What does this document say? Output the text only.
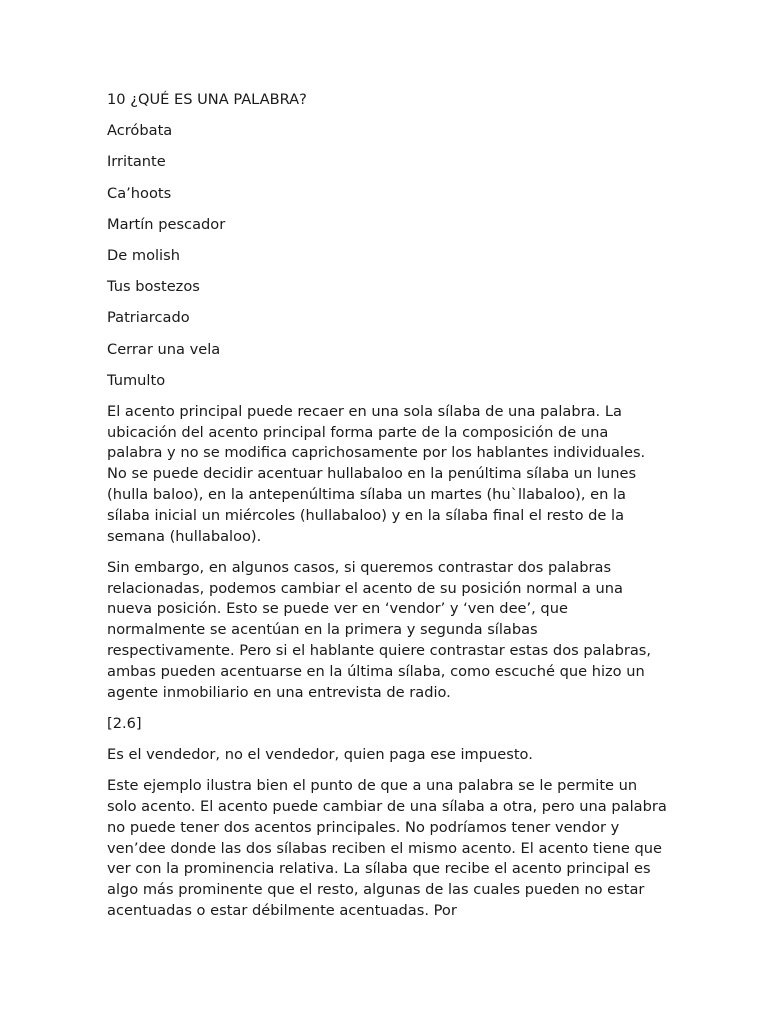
10 ¿QUÉ ES UNA PALABRA?
Acróbata
Irritante
Ca’hoots
Martín pescador
De molish
Tus bostezos
Patriarcado
Cerrar una vela
Tumulto

El acento principal puede recaer en una sola sílaba de una palabra. La ubicación del acento principal forma parte de la composición de una palabra y no se modifica caprichosamente por los hablantes individuales. No se puede decidir acentuar hullabaloo en la penúltima sílaba un lunes (hulla baloo), en la antepenúltima sílaba un martes (hu`llabaloo), en la sílaba inicial un miércoles (hullabaloo) y en la sílaba final el resto de la semana (hullabaloo).

Sin embargo, en algunos casos, si queremos contrastar dos palabras relacionadas, podemos cambiar el acento de su posición normal a una nueva posición. Esto se puede ver en ‘vendor’ y ‘ven dee’, que normalmente se acentúan en la primera y segunda sílabas respectivamente. Pero si el hablante quiere contrastar estas dos palabras, ambas pueden acentuarse en la última sílaba, como escuché que hizo un agente inmobiliario en una entrevista de radio.

[2.6]

Es el vendedor, no el vendedor, quien paga ese impuesto.

Este ejemplo ilustra bien el punto de que a una palabra se le permite un solo acento. El acento puede cambiar de una sílaba a otra, pero una palabra no puede tener dos acentos principales. No podríamos tener vendor y ven’dee donde las dos sílabas reciben el mismo acento. El acento tiene que ver con la prominencia relativa. La sílaba que recibe el acento principal es algo más prominente que el resto, algunas de las cuales pueden no estar acentuadas o estar débilmente acentuadas. Por
